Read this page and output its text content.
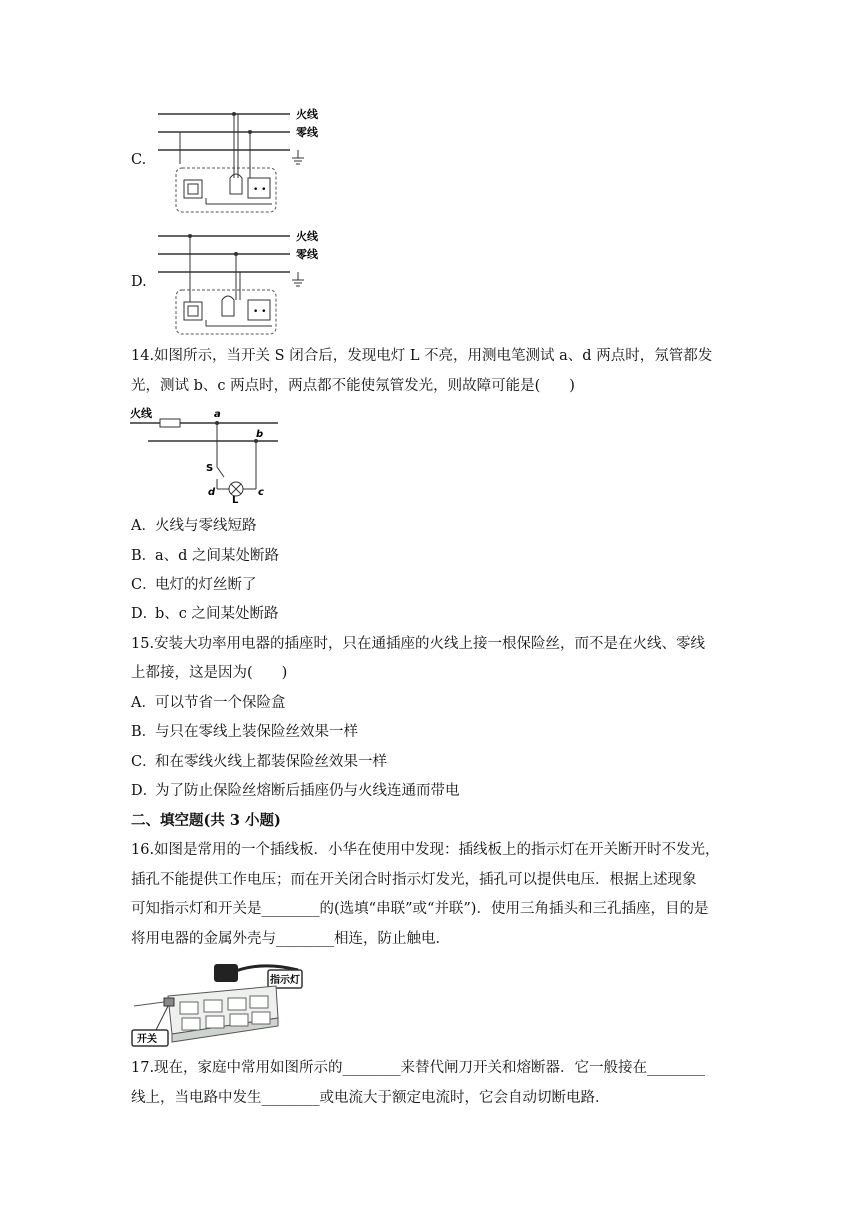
C.
火线
零线
• •
D.
火线
零线
• •
14.如图所示，当开关 S 闭合后，发现电灯 L 不亮，用测电笔测试 a、d 两点时，氖管都发
光，测试 b、c 两点时，两点都不能使氖管发光，则故障可能是(　　)
火线	a
S
d
L
c
b
A．火线与零线短路
B．a、d 之间某处断路
C．电灯的灯丝断了
D．b、c 之间某处断路
15.安装大功率用电器的插座时，只在通插座的火线上接一根保险丝，而不是在火线、零线
上都接，这是因为(　　)
A．可以节省一个保险盒
B．与只在零线上装保险丝效果一样
C．和在零线火线上都装保险丝效果一样
D．为了防止保险丝熔断后插座仍与火线连通而带电
二、填空题(共 3 小题)
16.如图是常用的一个插线板．小华在使用中发现：插线板上的指示灯在开关断开时不发光，
插孔不能提供工作电压；而在开关闭合时指示灯发光，插孔可以提供电压．根据上述现象
可知指示灯和开关是________的(选填“串联”或“并联”)．使用三角插头和三孔插座，目的是
将用电器的金属外壳与________相连，防止触电．
指示灯
开关
17.现在，家庭中常用如图所示的________来替代闸刀开关和熔断器．它一般接在________
线上，当电路中发生________或电流大于额定电流时，它会自动切断电路．
